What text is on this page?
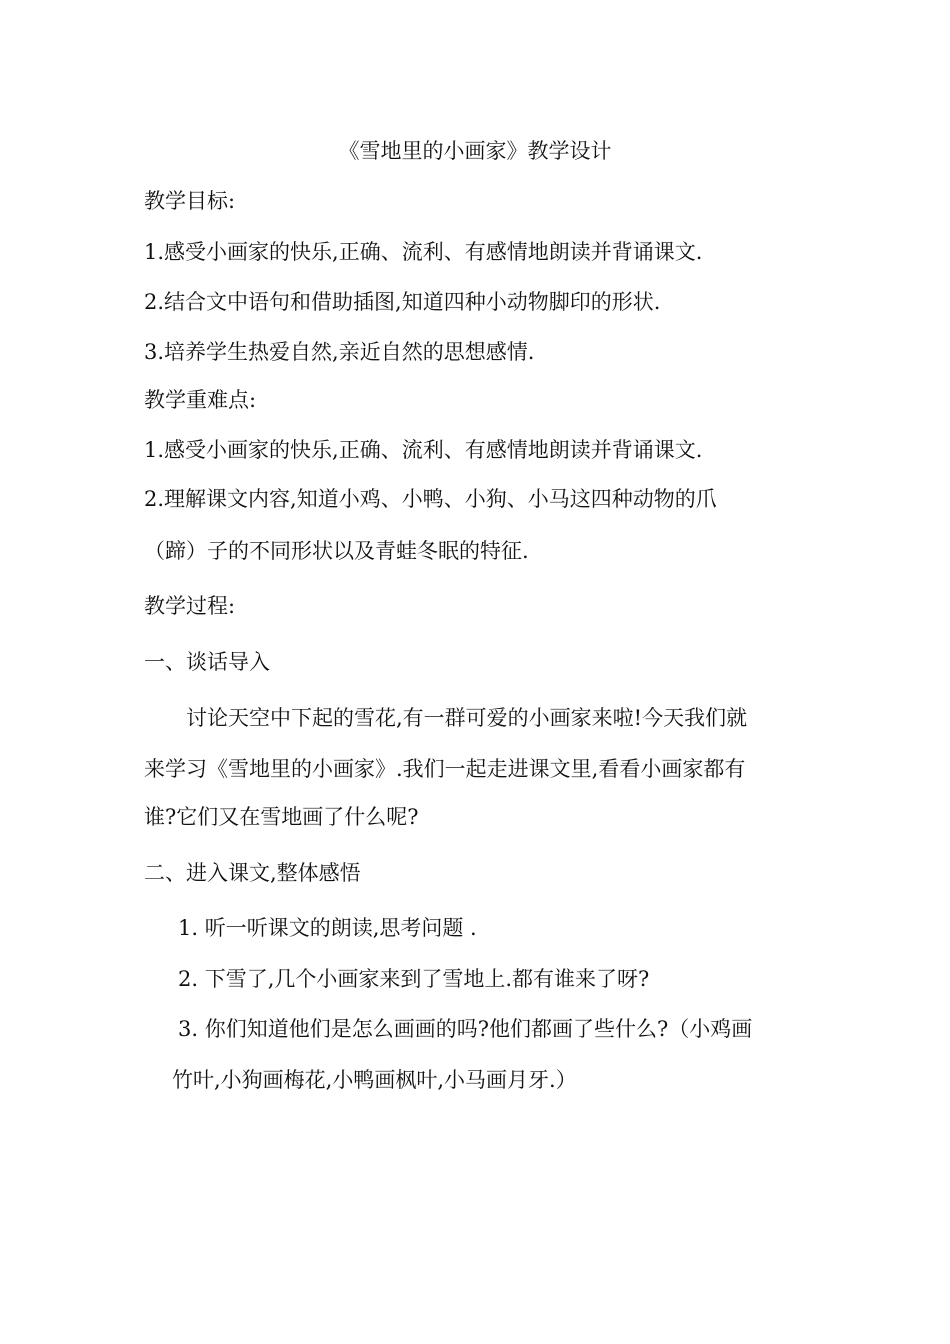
《雪地里的小画家》教学设计
教学目标:
1.感受小画家的快乐,正确、流利、有感情地朗读并背诵课文.
2.结合文中语句和借助插图,知道四种小动物脚印的形状.
3.培养学生热爱自然,亲近自然的思想感情.
教学重难点:
1.感受小画家的快乐,正确、流利、有感情地朗读并背诵课文.
2.理解课文内容,知道小鸡、小鸭、小狗、小马这四种动物的爪
（蹄）子的不同形状以及青蛙冬眠的特征.
教学过程:
一、谈话导入
讨论天空中下起的雪花,有一群可爱的小画家来啦!今天我们就
来学习《雪地里的小画家》.我们一起走进课文里,看看小画家都有
谁?它们又在雪地画了什么呢?
二、进入课文,整体感悟
1. 听一听课文的朗读,思考问题 .
2. 下雪了,几个小画家来到了雪地上.都有谁来了呀?
3. 你们知道他们是怎么画画的吗?他们都画了些什么?（小鸡画
竹叶,小狗画梅花,小鸭画枫叶,小马画月牙.）
